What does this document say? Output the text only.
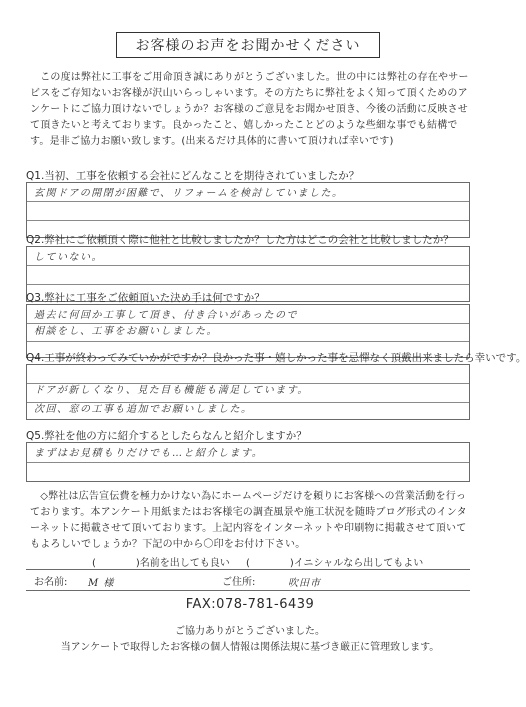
お客様のお声をお聞かせください
　この度は弊社に工事をご用命頂き誠にありがとうございました。世の中には弊社の存在やサービスをご存知ないお客様が沢山いらっしゃいます。その方たちに弊社をよく知って頂くためのアンケートにご協力頂けないでしょうか？お客様のご意見をお聞かせ頂き、今後の活動に反映させて頂きたいと考えております。良かったこと、嬉しかったことどのような些細な事でも結構です。是非ご協力お願い致します。(出来るだけ具体的に書いて頂ければ幸いです)
Q1.当初、工事を依頼する会社にどんなことを期待されていましたか？
玄関ドアの開閉が困難で、リフォームを検討していました。
Q2.弊社にご依頼頂く際に他社と比較しましたか？した方はどこの会社と比較しましたか？
していない。
Q3.弊社に工事をご依頼頂いた決め手は何ですか？
過去に何回か工事して頂き、付き合いがあったので
相談をし、工事をお願いしました。
Q4.工事が終わってみていかがですか？良かった事・嬉しかった事を忌憚なく頂戴出来ましたら幸いです。
ドアが新しくなり、見た目も機能も満足しています。
次回、窓の工事も追加でお願いしました。
Q5.弊社を他の方に紹介するとしたらなんと紹介しますか？
まずはお見積もりだけでも…と紹介します。
　◇弊社は広告宣伝費を極力かけない為にホームページだけを頼りにお客様への営業活動を行っております。本アンケート用紙またはお客様宅の調査風景や施工状況を随時ブログ形式のインターネットに掲載させて頂いております。上記内容をインターネットや印刷物に掲載させて頂いてもよろしいでしょうか？下記の中から〇印をお付け下さい。
(　　　　)名前を出しても良い (　　　　)イニシャルなら出してもよい
お名前: M 様	ご住所:	吹田市
FAX:078-781-6439
ご協力ありがとうございました。
当アンケートで取得したお客様の個人情報は関係法規に基づき厳正に管理致します。
